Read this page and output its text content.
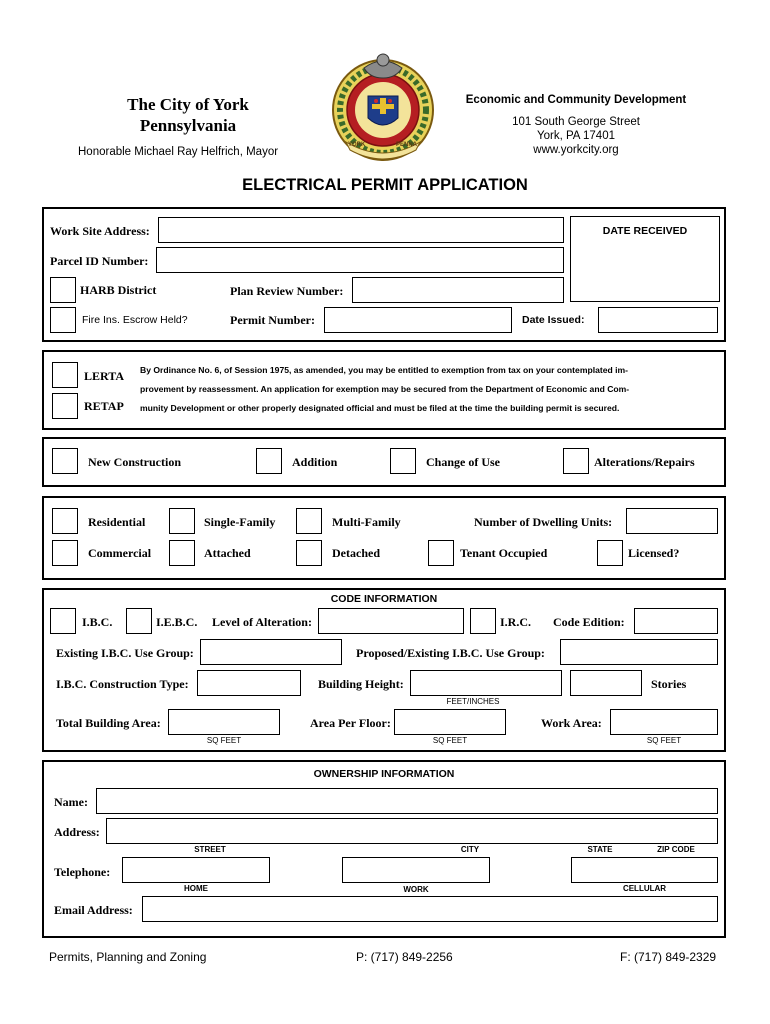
The City of York
Pennsylvania
Honorable Michael Ray Helfrich, Mayor
YORK	PENNA
Economic and Community Development
101 South George Street
York, PA 17401
www.yorkcity.org
ELECTRICAL PERMIT APPLICATION
Work Site Address:	DATE RECEIVED
Parcel ID Number:
HARB District	Plan Review Number:
Fire Ins. Escrow Held?	Permit Number:	Date Issued:
LERTA
RETAP
By Ordinance No. 6, of Session 1975, as amended, you may be entitled to exemption from tax on your contemplated im-
provement by reassessment. An application for exemption may be secured from the Department of Economic and Com-
munity Development or other properly designated official and must be filed at the time the building permit is secured.
New Construction	Addition	Change of Use	Alterations/Repairs
Residential	Single-Family	Multi-Family	Number of Dwelling Units:
Commercial	Attached	Detached	Tenant Occupied	Licensed?
CODE INFORMATION
I.B.C.	I.E.B.C. Level of Alteration:	I.R.C. Code Edition:
Existing I.B.C. Use Group:	Proposed/Existing I.B.C. Use Group:
I.B.C. Construction Type:	Building Height:
FEET/INCHES
Stories
Total Building Area:
SQ FEET
Area Per Floor:
SQ FEET
Work Area:
SQ FEET
OWNERSHIP INFORMATION
Name:
Address:
STREET	CITY	STATE	ZIP CODE
Telephone:
HOME	WORK	CELLULAR
Email Address:
Permits, Planning and Zoning	P: (717) 849-2256	F: (717) 849-2329
